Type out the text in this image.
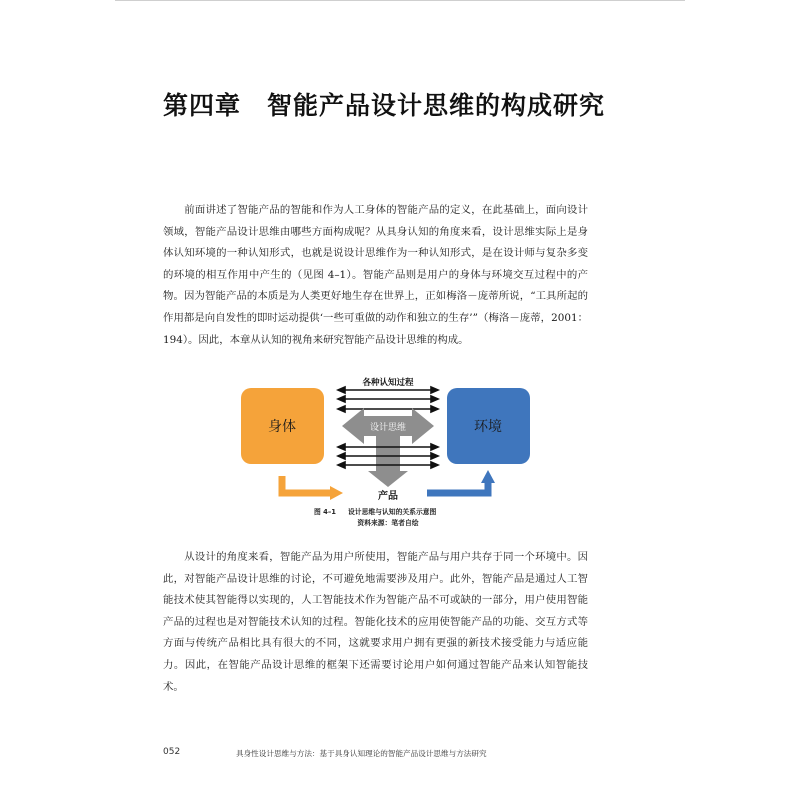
第四章 智能产品设计思维的构成研究

前面讲述了智能产品的智能和作为人工身体的智能产品的定义，在此基础上，面向设计领域，智能产品设计思维由哪些方面构成呢？从具身认知的角度来看，设计思维实际上是身体认知环境的一种认知形式，也就是说设计思维作为一种认知形式，是在设计师与复杂多变的环境的相互作用中产生的（见图 4–1）。智能产品则是用户的身体与环境交互过程中的产物。因为智能产品的本质是为人类更好地生存在世界上，正如梅洛－庞蒂所说，“工具所起的作用都是向自发性的即时运动提供‘一些可重做的动作和独立的生存’”（梅洛－庞蒂，2001：194）。因此，本章从认知的视角来研究智能产品设计思维的构成。

各种认知过程
身体	环境
设计思维
产品
图 4–1 设计思维与认知的关系示意图
资料来源：笔者自绘

从设计的角度来看，智能产品为用户所使用，智能产品与用户共存于同一个环境中。因此，对智能产品设计思维的讨论，不可避免地需要涉及用户。此外，智能产品是通过人工智能技术使其智能得以实现的，人工智能技术作为智能产品不可或缺的一部分，用户使用智能产品的过程也是对智能技术认知的过程。智能化技术的应用使智能产品的功能、交互方式等方面与传统产品相比具有很大的不同，这就要求用户拥有更强的新技术接受能力与适应能力。因此，在智能产品设计思维的框架下还需要讨论用户如何通过智能产品来认知智能技术。

052	具身性设计思维与方法：基于具身认知理论的智能产品设计思维与方法研究
